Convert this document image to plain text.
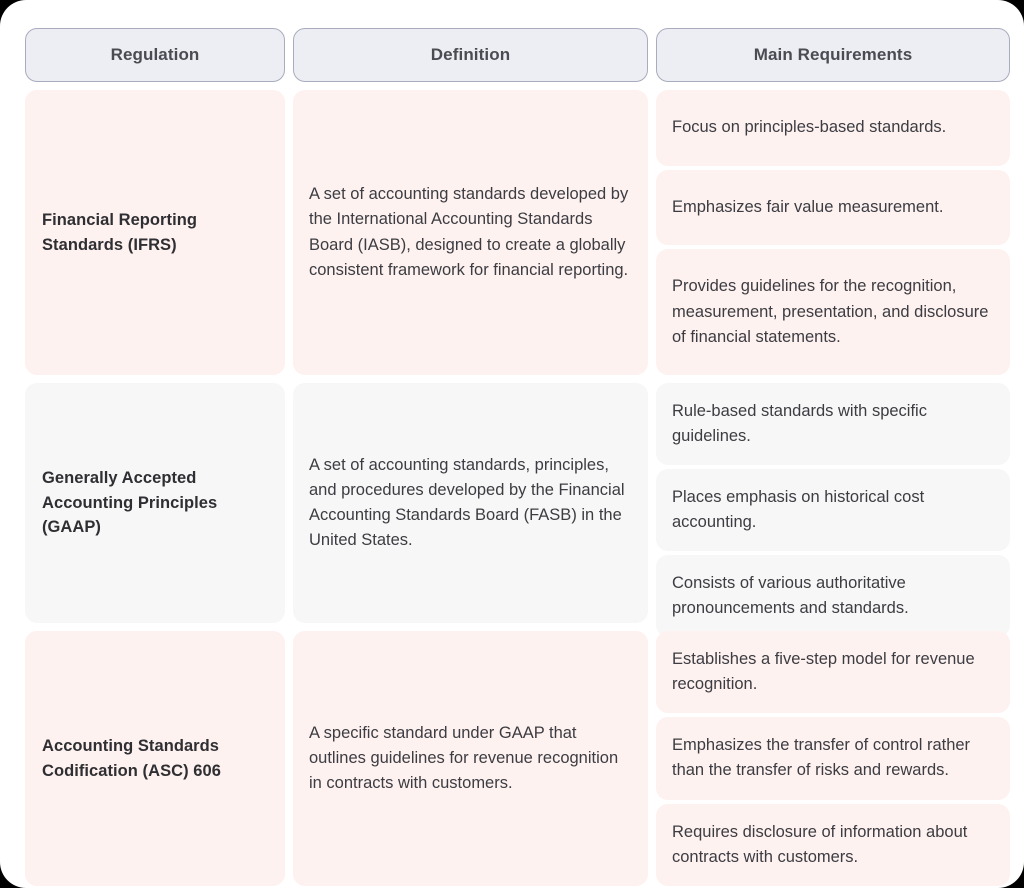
Regulation	Definition	Main Requirements
Financial Reporting Standards (IFRS)
A set of accounting standards developed by the International Accounting Standards Board (IASB), designed to create a globally consistent framework for financial reporting.
Focus on principles-based standards.
Emphasizes fair value measurement.
Provides guidelines for the recognition, measurement, presentation, and disclosure of financial statements.
Generally Accepted Accounting Principles (GAAP)
A set of accounting standards, principles, and procedures developed by the Financial Accounting Standards Board (FASB) in the United States.
Rule-based standards with specific guidelines.
Places emphasis on historical cost accounting.
Consists of various authoritative pronouncements and standards.
Accounting Standards Codification (ASC) 606
A specific standard under GAAP that outlines guidelines for revenue recognition in contracts with customers.
Establishes a five-step model for revenue recognition.
Emphasizes the transfer of control rather than the transfer of risks and rewards.
Requires disclosure of information about contracts with customers.
